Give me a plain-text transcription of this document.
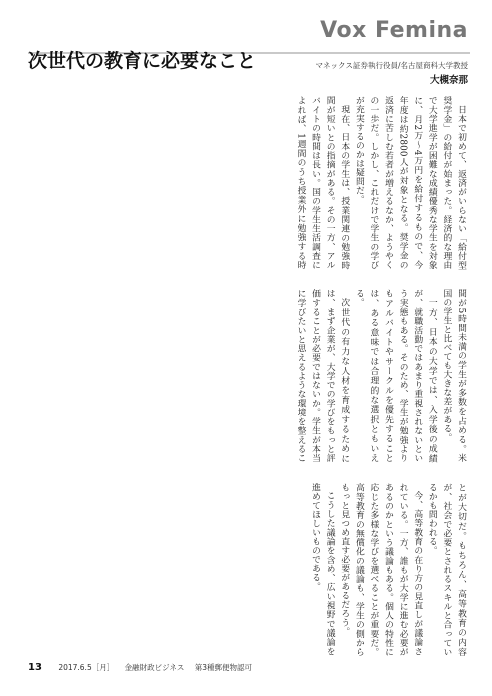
Vox Femina
次世代の教育に必要なこと	マネックス証券執行役員/名古屋商科大学教授
大槻奈那

日本で初めて、返済がいらない「給付型奨学金」の給付が始まった。経済的な理由で大学進学が困難な成績優秀な学生を対象に、月2万～4万円を給付するもので、今年度は約2800人が対象となる。奨学金の返済に苦しむ若者が増えるなか、ようやくの一歩だ。しかし、これだけで学生の学びが充実するのかは疑問だ。

現在、日本の学生は、授業関連の勉強時間が短いとの指摘がある。その一方、アルバイトの時間は長い。国の学生生活調査によれば、1週間のうち授業外に勉強する時間が5時間未満の学生が多数を占める。米国の学生と比べても大きな差がある。

一方、日本の大学では、入学後の成績が、就職活動ではあまり重視されないという実態もある。そのため、学生が勉強よりもアルバイトやサークルを優先することは、ある意味では合理的な選択ともいえる。

次世代の有力な人材を育成するためには、まず企業が、大学での学びをもっと評価することが必要ではないか。学生が本当に学びたいと思えるような環境を整えることが大切だ。もちろん、高等教育の内容が、社会で必要とされるスキルと合っているかも問われる。

今、高等教育の在り方の見直しが議論されている。一方、誰もが大学に進む必要があるのかという議論もある。個人の特性に応じた多様な学びを選べることが重要だ。高等教育の無償化の議論も、学生の側からもっと見つめ直す必要があるだろう。

こうした議論を含め、広い視野で議論を進めてほしいものである。

13 2017.6.5［月］ 金融財政ビジネス 第3種郵便物認可
